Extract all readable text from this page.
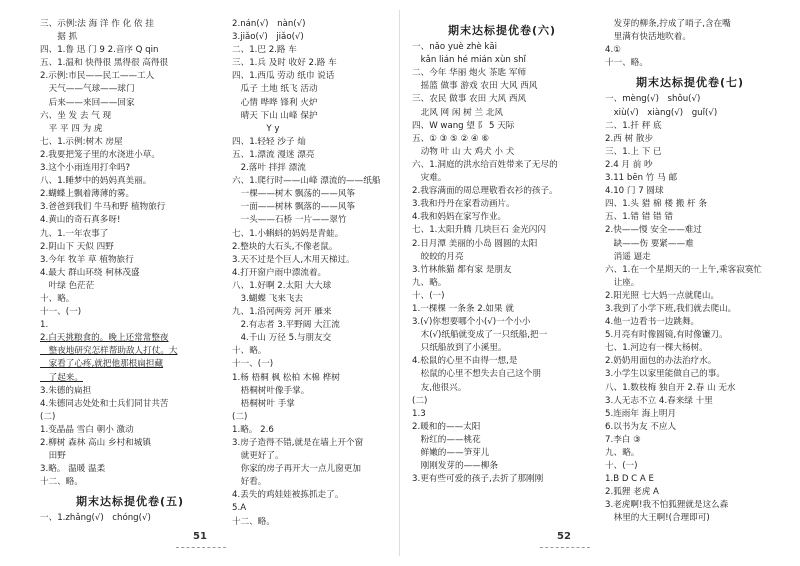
三、示例:法 海 洋 作 化 依 挂
　　据 抓
四、1.鲁 迅 门 9 2.音序 Q qin
五、1.温和 快得很 黑得很 高得很
2.示例:市民——民工——工人
　天气——气球——球门
　后来——来回——回家
六、坐 发 去 气 现
　平 平 四 为 虎
七、1.示例:树木 房屋
2.我要把笼子里的水浇进小草。
3.这个小雨连用打伞吗?
八、1.睡梦中的妈妈真美丽。
2.蝴蝶上飘着薄薄的雾。
3.爸爸到我们 牛马和野 植物旅行
4.黄山的奇石真多呀!
九、1.一年农事了
2.阴山下 天似 四野
3.今年 牧羊 草 植物旅行
4.最大 群山环绕 柯林茂盛
　叶绿 色茫茫
十、略。
十一、(一)
1.
2.白天挑粮食的。晚上还常常整夜
　整夜地研究怎样帮助敌人打仗。大
　家看了心疼,就把他那根扁担藏
　了起来。
3.朱德的扁担
4.朱德同志处处和士兵们同甘共苦
(二)
1.变晶晶 雪白 朝小 激动
2.柳树 森林 高山 乡村和城镇
　田野
3.略。 温暖 温柔
十二、略。
期末达标提优卷(五)
一、1.zhǎng(√)　chóng(√)
2.nán(√)　nàn(√)
3.jiǎo(√)　jiǎo(√)
二、1.巴 2.路 车
三、1.兵 及时 收好 2.路 车
四、1.西瓜 劳动 纸巾 说话
　瓜子 土地 纸飞 活动
　心情 哗哗 锋利 火炉
　晴天 下山 山峰 保护
　　　　Y y
四、1.轻轻 沙子 灿
五、1.漂流 漫迷 漂亮
　2.落叶 拌拌 漂流
六、1.爬行时——山峰 漂流的——纸船
　一棵——树木 飘荡的——风筝
　一面——树林 飘落的——风筝
　一头——石桥 一片——翠竹
七、1.小蝌蚪的妈妈是青蛙。
2.整块的大石头,不像老鼠。
3.天不过是个巨人,木用天梯过。
4.打开窗户雨中漂流着。
八、1.好啊 2.太阳 大大球
　3.蝴蝶 飞来飞去
九、1.沿河两旁 河开 雁来
　2.有志者 3.平野阔 大江流
　4.千山 万径 5.与朋友交
十、略。
十一、(一)
1.杨 梧桐 枫 松柏 木棉 桦树
　梧桐树叶像手掌。
　梧桐树叶 手掌
(二)
1.略。 2.6
3.房子造得不错,就是在墙上开个窗
　就更好了。
　你家的房子再开大一点儿窗更加
　好看。
4.丢失的鸡娃娃被拣抓走了。
5.A
十二、略。
51
期末达标提优卷(六)
一、nǎo yuè zhè kāi
　kǎn lián hé mián xùn shǐ
二、今年 华丽 炮火 茶匙 军师
　摇篮 做事 游戏 农田 大风 西风
三、农民 做事 农田 大风 西风
　北风 网 闲 树 兰 北风
四、W wang 望 阝 5 天际
五、① ③ ⑤ ② ④ ⑥
　动物 叶 山 大 鸡犬 小 犬
六、1.洞庭的洪水给百姓带来了无尽的
　灾难。
2.我容满面的周总理敬看衣衫的孩子。
3.我和丹丹在家看动画片。
4.我和妈妈在家写作业。
七、1.太阳升腾 几块巨石 金光闪闪
2.日月潭 美丽的小岛 圆圆的太阳
　皎皎的月亮
3.竹林熊猫 都有家 是朋友
九、略。
十、(一)
1.一棵棵 一条条 2.如果 就
3.(√)你想要哪个小(√)一个小小
　木(√)纸船就变成了一只纸船,把一
　只纸船放到了小溪里。
4.松鼠的心里不由得一想,是
　松鼠的心里不想失去自己这个朋
　友,他很兴。
(二)
1.3
2.暖和的——太阳
　粉红的——桃花
　鲜嫩的——笋芽儿
　刚刚发芽的——柳条
3.更有些可爱的孩子,去折了那刚刚
　发芽的柳条,拧成了哨子,含在嘴
　里满有快活地吹着。
4.①
十一、略。
期末达标提优卷(七)
一、mèng(√)　shǒu(√)
　xiù(√)　xiàng(√)　guǐ(√)
二、1.扦 秤 底
2.西 树 散步
三、1.上 下 已
2.4 月 前 吵
3.11 bēn 竹 马 邮
4.10 门 7 圆球
四、1.头 猎 棉 楼 搬 杆 条
五、1.错 错 错 错
2.快——慢 安全——难过
　缺——伤 要紧——难
　消遥 逼走
六、1.在一个星期天的一上午,乘客寂寞忙
　让座。
2.阳光照 七大妈一点就爬山。
3.我到了小学下班,我们就去爬山。
4.他一边看书一边跳舞。
5.月亮有时像圆镜,有时像镰刀。
七、1.河边有一棵大杨树。
2.奶奶用面包的办法治疗水。
3.小学生以家里能做自己的事。
八、1.数枝梅 独自开 2.春 山 无水
3.人无志不立 4.春来绿 十里
5.连雨年 海上明月
6.以书为友 不应人
7.李白 ③
九、略。
十、(一)
1.B D C A E
2.狐狸 老虎 A
3.老虎啊!我不怕狐狸就是这么森
　林里的大王啊!(合理即可)
52
